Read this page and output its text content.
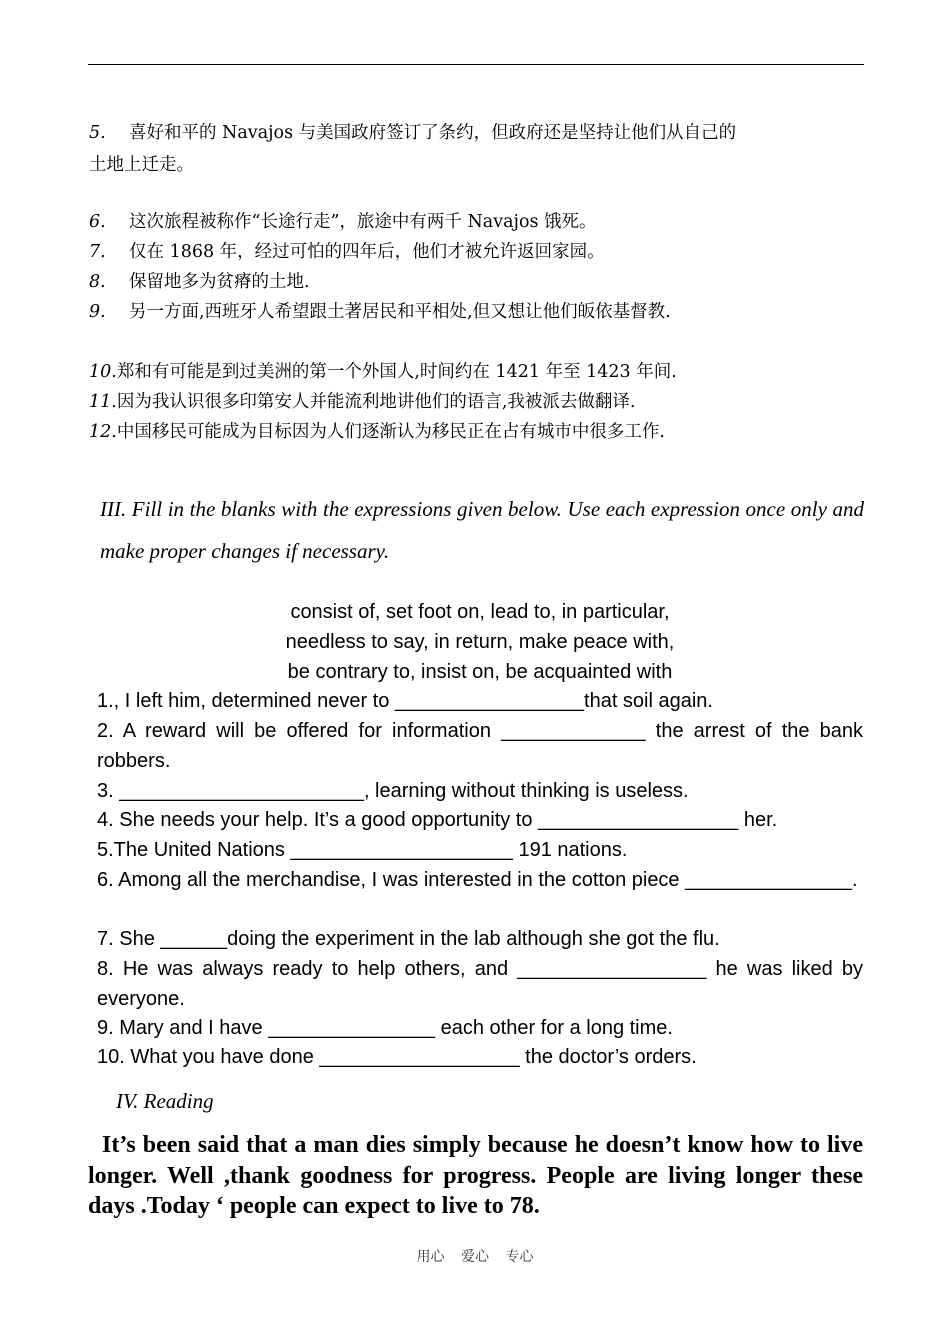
5. 喜好和平的 Navajos 与美国政府签订了条约，但政府还是坚持让他们从自己的
土地上迁走。
6. 这次旅程被称作“长途行走”，旅途中有两千 Navajos 饿死。
7. 仅在 1868 年，经过可怕的四年后，他们才被允许返回家园。
8. 保留地多为贫瘠的土地.
9. 另一方面,西班牙人希望跟土著居民和平相处,但又想让他们皈依基督教.
10.郑和有可能是到过美洲的第一个外国人,时间约在 1421 年至 1423 年间.
11.因为我认识很多印第安人并能流利地讲他们的语言,我被派去做翻译.
12.中国移民可能成为目标因为人们逐渐认为移民正在占有城市中很多工作.
III. Fill in the blanks with the expressions given below. Use each expression once only and make proper changes if necessary.
consist of, set foot on, lead to, in particular,
needless to say, in return, make peace with,
be contrary to, insist on, be acquainted with
1., I left him, determined never to _________________that soil again.
2. A reward will be offered for information _____________ the arrest of the bank robbers.
3. ______________________, learning without thinking is useless.
4. She needs your help. It’s a good opportunity to __________________ her.
5.The United Nations ____________________ 191 nations.
6. Among all the merchandise, I was interested in the cotton piece _______________.
7. She ______doing the experiment in the lab although she got the flu.
8. He was always ready to help others, and _________________ he was liked by everyone.
9. Mary and I have _______________ each other for a long time.
10. What you have done __________________ the doctor’s orders.
IV. Reading
It’s been said that a man dies simply because he doesn’t know how to live longer. Well ,thank goodness for progress. People are living longer these days .Today ‘ people can expect to live to 78.
用心 爱心 专心
